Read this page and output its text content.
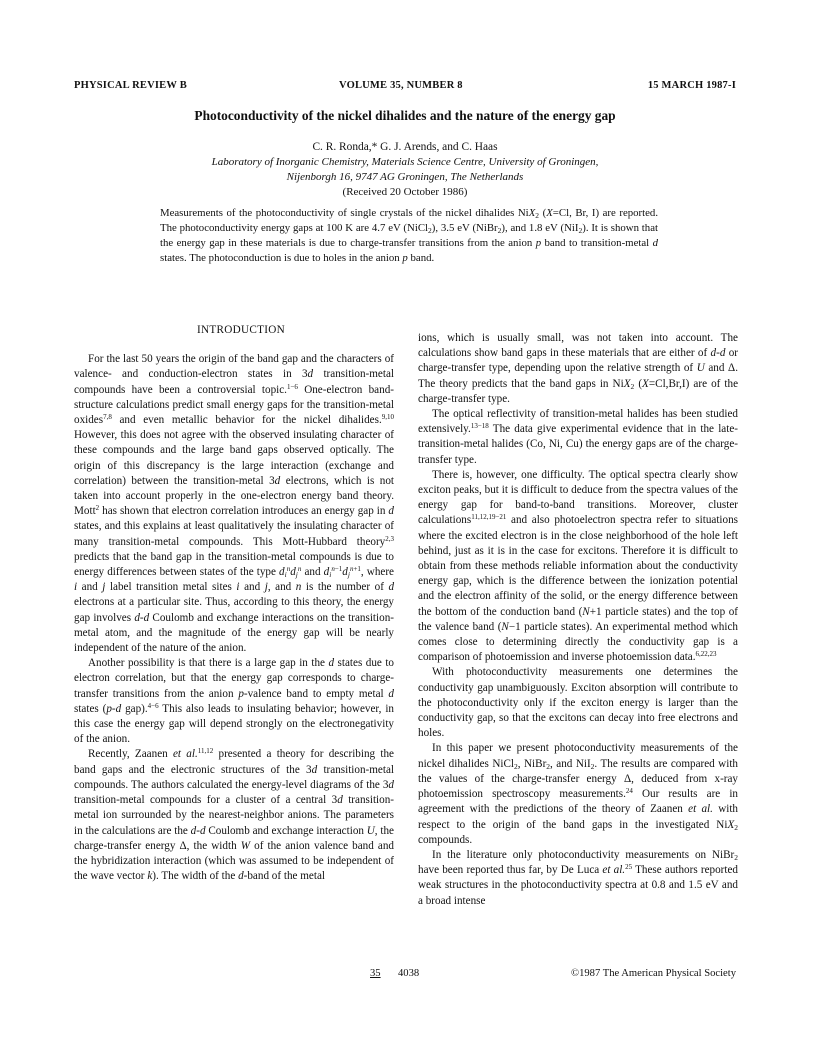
PHYSICAL REVIEW B	VOLUME 35, NUMBER 8	15 MARCH 1987-I
Photoconductivity of the nickel dihalides and the nature of the energy gap
C. R. Ronda,* G. J. Arends, and C. Haas
Laboratory of Inorganic Chemistry, Materials Science Centre, University of Groningen,
Nijenborgh 16, 9747 AG Groningen, The Netherlands
(Received 20 October 1986)
Measurements of the photoconductivity of single crystals of the nickel dihalides NiX$_2$ (X=Cl, Br, I) are reported. The photoconductivity energy gaps at 100 K are 4.7 eV (NiCl$_2$), 3.5 eV (NiBr$_2$), and 1.8 eV (NiI$_2$). It is shown that the energy gap in these materials is due to charge-transfer transitions from the anion p band to transition-metal d states. The photoconduction is due to holes in the anion p band.

INTRODUCTION

For the last 50 years the origin of the band gap and the characters of valence- and conduction-electron states in 3d transition-metal compounds have been a controversial topic.$^{1-6}$ One-electron band-structure calculations predict small energy gaps for the transition-metal oxides$^{7,8}$ and even metallic behavior for the nickel dihalides.$^{9,10}$ However, this does not agree with the observed insulating character of these compounds and the large band gaps observed optically. The origin of this discrepancy is the large interaction (exchange and correlation) between the transition-metal 3d electrons, which is not taken into account properly in the one-electron energy band theory. Mott$^2$ has shown that electron correlation introduces an energy gap in d states, and this explains at least qualitatively the insulating character of many transition-metal compounds. This Mott-Hubbard theory$^{2,3}$ predicts that the band gap in the transition-metal compounds is due to energy differences between states of the type $d_i^nd_j^n$ and $d_i^{n-1}d_j^{n+1}$, where i and j label transition metal sites i and j, and n is the number of d electrons at a particular site. Thus, according to this theory, the energy gap involves d-d Coulomb and exchange interactions on the transition-metal atom, and the magnitude of the energy gap will be nearly independent of the nature of the anion.

Another possibility is that there is a large gap in the d states due to electron correlation, but that the energy gap corresponds to charge-transfer transitions from the anion p-valence band to empty metal d states (p-d gap).$^{4-6}$ This also leads to insulating behavior; however, in this case the energy gap will depend strongly on the electronegativity of the anion.

Recently, Zaanen et al.$^{11,12}$ presented a theory for describing the band gaps and the electronic structures of the 3d transition-metal compounds. The authors calculated the energy-level diagrams of the 3d transition-metal compounds for a cluster of a central 3d transition-metal ion surrounded by the nearest-neighbor anions. The parameters in the calculations are the d-d Coulomb and exchange interaction U, the charge-transfer energy Δ, the width W of the anion valence band and the hybridization interaction (which was assumed to be independent of the wave vector k). The width of the d-band of the metal

ions, which is usually small, was not taken into account. The calculations show band gaps in these materials that are either of d-d or charge-transfer type, depending upon the relative strength of U and Δ. The theory predicts that the band gaps in NiX$_2$ (X=Cl,Br,I) are of the charge-transfer type.

The optical reflectivity of transition-metal halides has been studied extensively.$^{13-18}$ The data give experimental evidence that in the late-transition-metal halides (Co, Ni, Cu) the energy gaps are of the charge-transfer type.

There is, however, one difficulty. The optical spectra clearly show exciton peaks, but it is difficult to deduce from the spectra values of the energy gap for band-to-band transitions. Moreover, cluster calculations$^{11,12,19-21}$ and also photoelectron spectra refer to situations where the excited electron is in the close neighborhood of the hole left behind, just as it is in the case for excitons. Therefore it is difficult to obtain from these methods reliable information about the conductivity energy gap, which is the difference between the ionization potential and the electron affinity of the solid, or the energy difference between the bottom of the conduction band (N+1 particle states) and the top of the valence band (N−1 particle states). An experimental method which comes close to determining directly the conductivity gap is a comparison of photoemission and inverse photoemission data.$^{6,22,23}$

With photoconductivity measurements one determines the conductivity gap unambiguously. Exciton absorption will contribute to the photoconductivity only if the exciton energy is larger than the conductivity gap, so that the excitons can decay into free electrons and holes.

In this paper we present photoconductivity measurements of the nickel dihalides NiCl$_2$, NiBr$_2$, and NiI$_2$. The results are compared with the values of the charge-transfer energy Δ, deduced from x-ray photoemission spectroscopy measurements.$^{24}$ Our results are in agreement with the predictions of the theory of Zaanen et al. with respect to the origin of the band gaps in the investigated NiX$_2$ compounds.

In the literature only photoconductivity measurements on NiBr$_2$ have been reported thus far, by De Luca et al.$^{25}$ These authors reported weak structures in the photoconductivity spectra at 0.8 and 1.5 eV and a broad intense

35 4038	©1987 The American Physical Society
